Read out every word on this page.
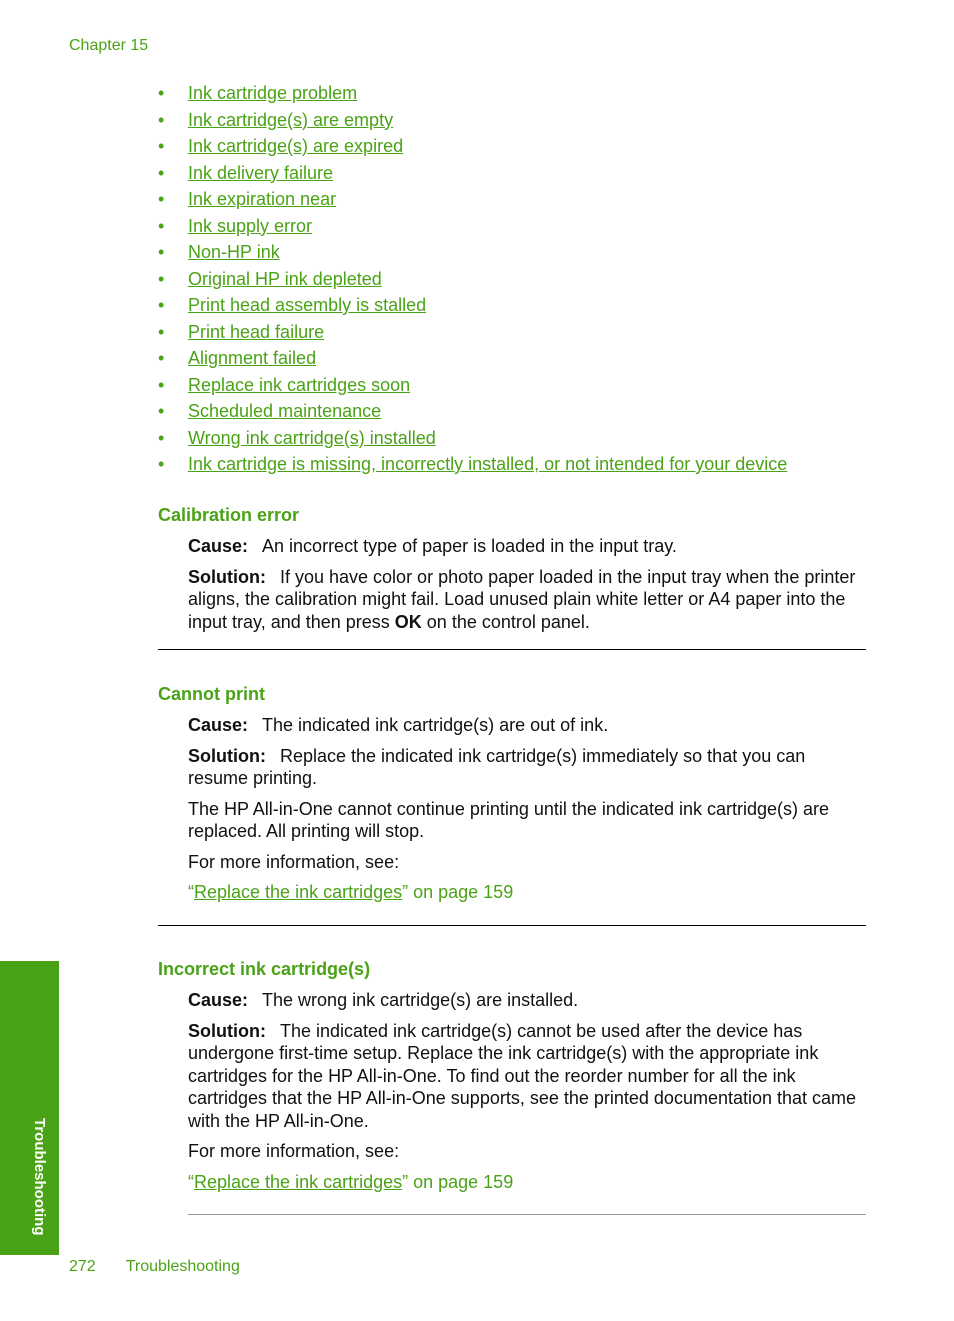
Chapter 15
• Ink cartridge problem
• Ink cartridge(s) are empty
• Ink cartridge(s) are expired
• Ink delivery failure
• Ink expiration near
• Ink supply error
• Non-HP ink
• Original HP ink depleted
• Print head assembly is stalled
• Print head failure
• Alignment failed
• Replace ink cartridges soon
• Scheduled maintenance
• Wrong ink cartridge(s) installed
• Ink cartridge is missing, incorrectly installed, or not intended for your device
Calibration error

Cause: An incorrect type of paper is loaded in the input tray.

Solution: If you have color or photo paper loaded in the input tray when the printer aligns, the calibration might fail. Load unused plain white letter or A4 paper into the input tray, and then press OK on the control panel.

Cannot print

Cause: The indicated ink cartridge(s) are out of ink.

Solution: Replace the indicated ink cartridge(s) immediately so that you can resume printing.

The HP All-in-One cannot continue printing until the indicated ink cartridge(s) are replaced. All printing will stop.

For more information, see:

“Replace the ink cartridges” on page 159

Incorrect ink cartridge(s)

Cause: The wrong ink cartridge(s) are installed.

Solution: The indicated ink cartridge(s) cannot be used after the device has undergone first-time setup. Replace the ink cartridge(s) with the appropriate ink cartridges for the HP All-in-One. To find out the reorder number for all the ink cartridges that the HP All-in-One supports, see the printed documentation that came with the HP All-in-One.

For more information, see:

“Replace the ink cartridges” on page 159

Troubleshooting
272 Troubleshooting
